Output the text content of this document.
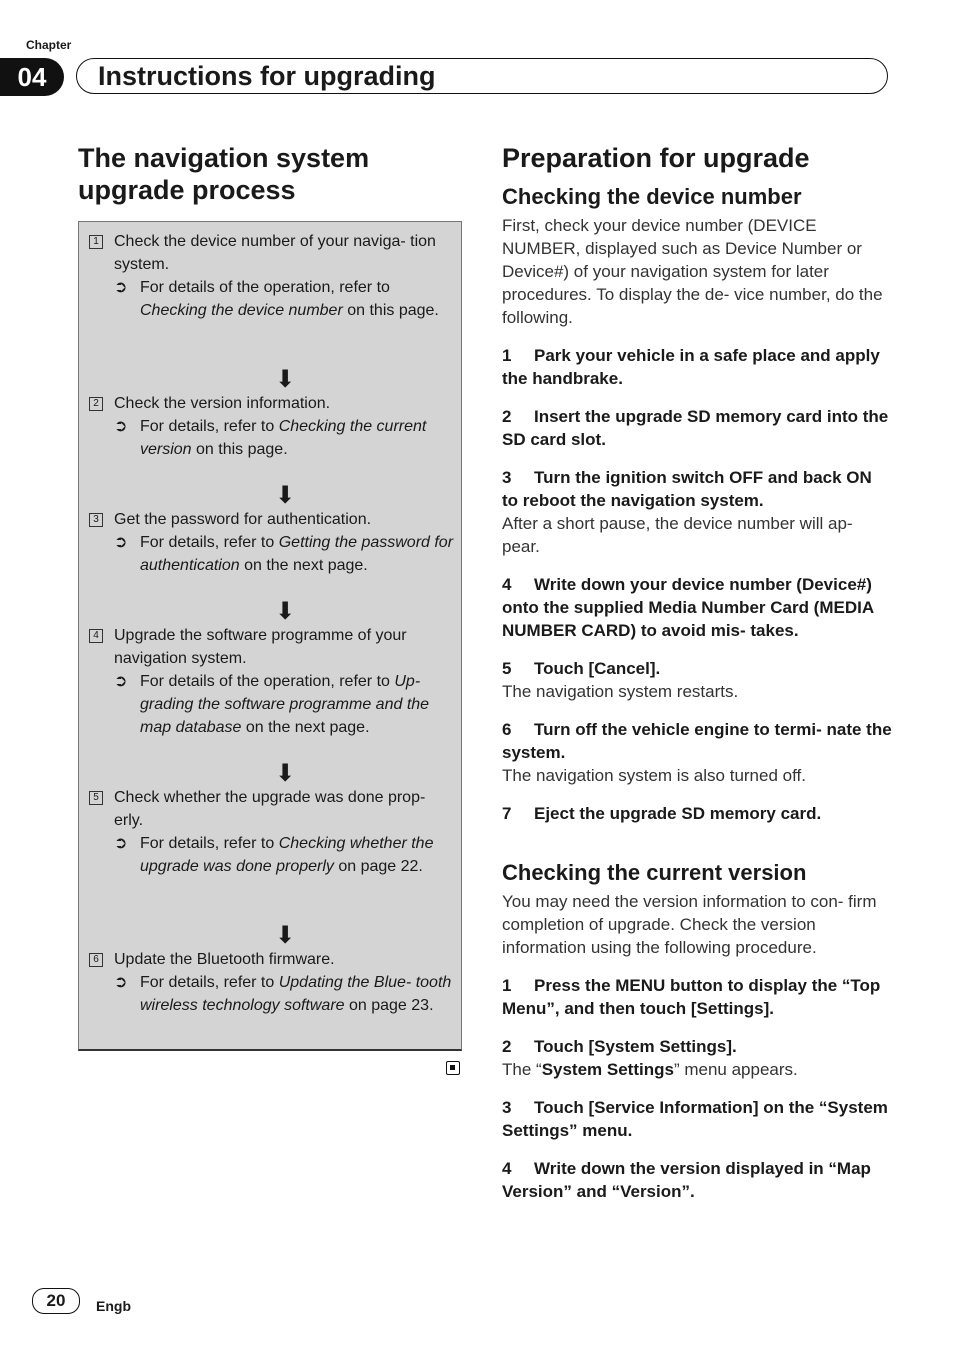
Chapter
04	Instructions for upgrading
The navigation system
upgrade process
1 Check the device number of your naviga- tion system.
➲ For details of the operation, refer to Checking the device number on this page.
⬇
2 Check the version information.
➲ For details, refer to Checking the current version on this page.
⬇
3 Get the password for authentication.
➲ For details, refer to Getting the password for authentication on the next page.
⬇
4 Upgrade the software programme of your navigation system.
➲ For details of the operation, refer to Up- grading the software programme and the map database on the next page.
⬇
5 Check whether the upgrade was done prop- erly.
➲ For details, refer to Checking whether the upgrade was done properly on page 22.
⬇
6 Update the Bluetooth firmware.
➲ For details, refer to Updating the Blue- tooth wireless technology software on page 23.
Preparation for upgrade
Checking the device number

First, check your device number (DEVICE NUMBER, displayed such as Device Number or Device#) of your navigation system for later procedures. To display the de- vice number, do the following.

1 Park your vehicle in a safe place and apply the handbrake.

2 Insert the upgrade SD memory card into the SD card slot.

3 Turn the ignition switch OFF and back ON to reboot the navigation system.

After a short pause, the device number will ap- pear.

4 Write down your device number (Device#) onto the supplied Media Number Card (MEDIA NUMBER CARD) to avoid mis- takes.

5 Touch [Cancel].

The navigation system restarts.

6 Turn off the vehicle engine to termi- nate the system.

The navigation system is also turned off.

7 Eject the upgrade SD memory card.

Checking the current version

You may need the version information to con- firm completion of upgrade. Check the version information using the following procedure.

1 Press the MENU button to display the “Top Menu”, and then touch [Settings].

2 Touch [System Settings].

The “System Settings” menu appears.

3 Touch [Service Information] on the “System Settings” menu.

4 Write down the version displayed in “Map Version” and “Version”.

20	Engb
